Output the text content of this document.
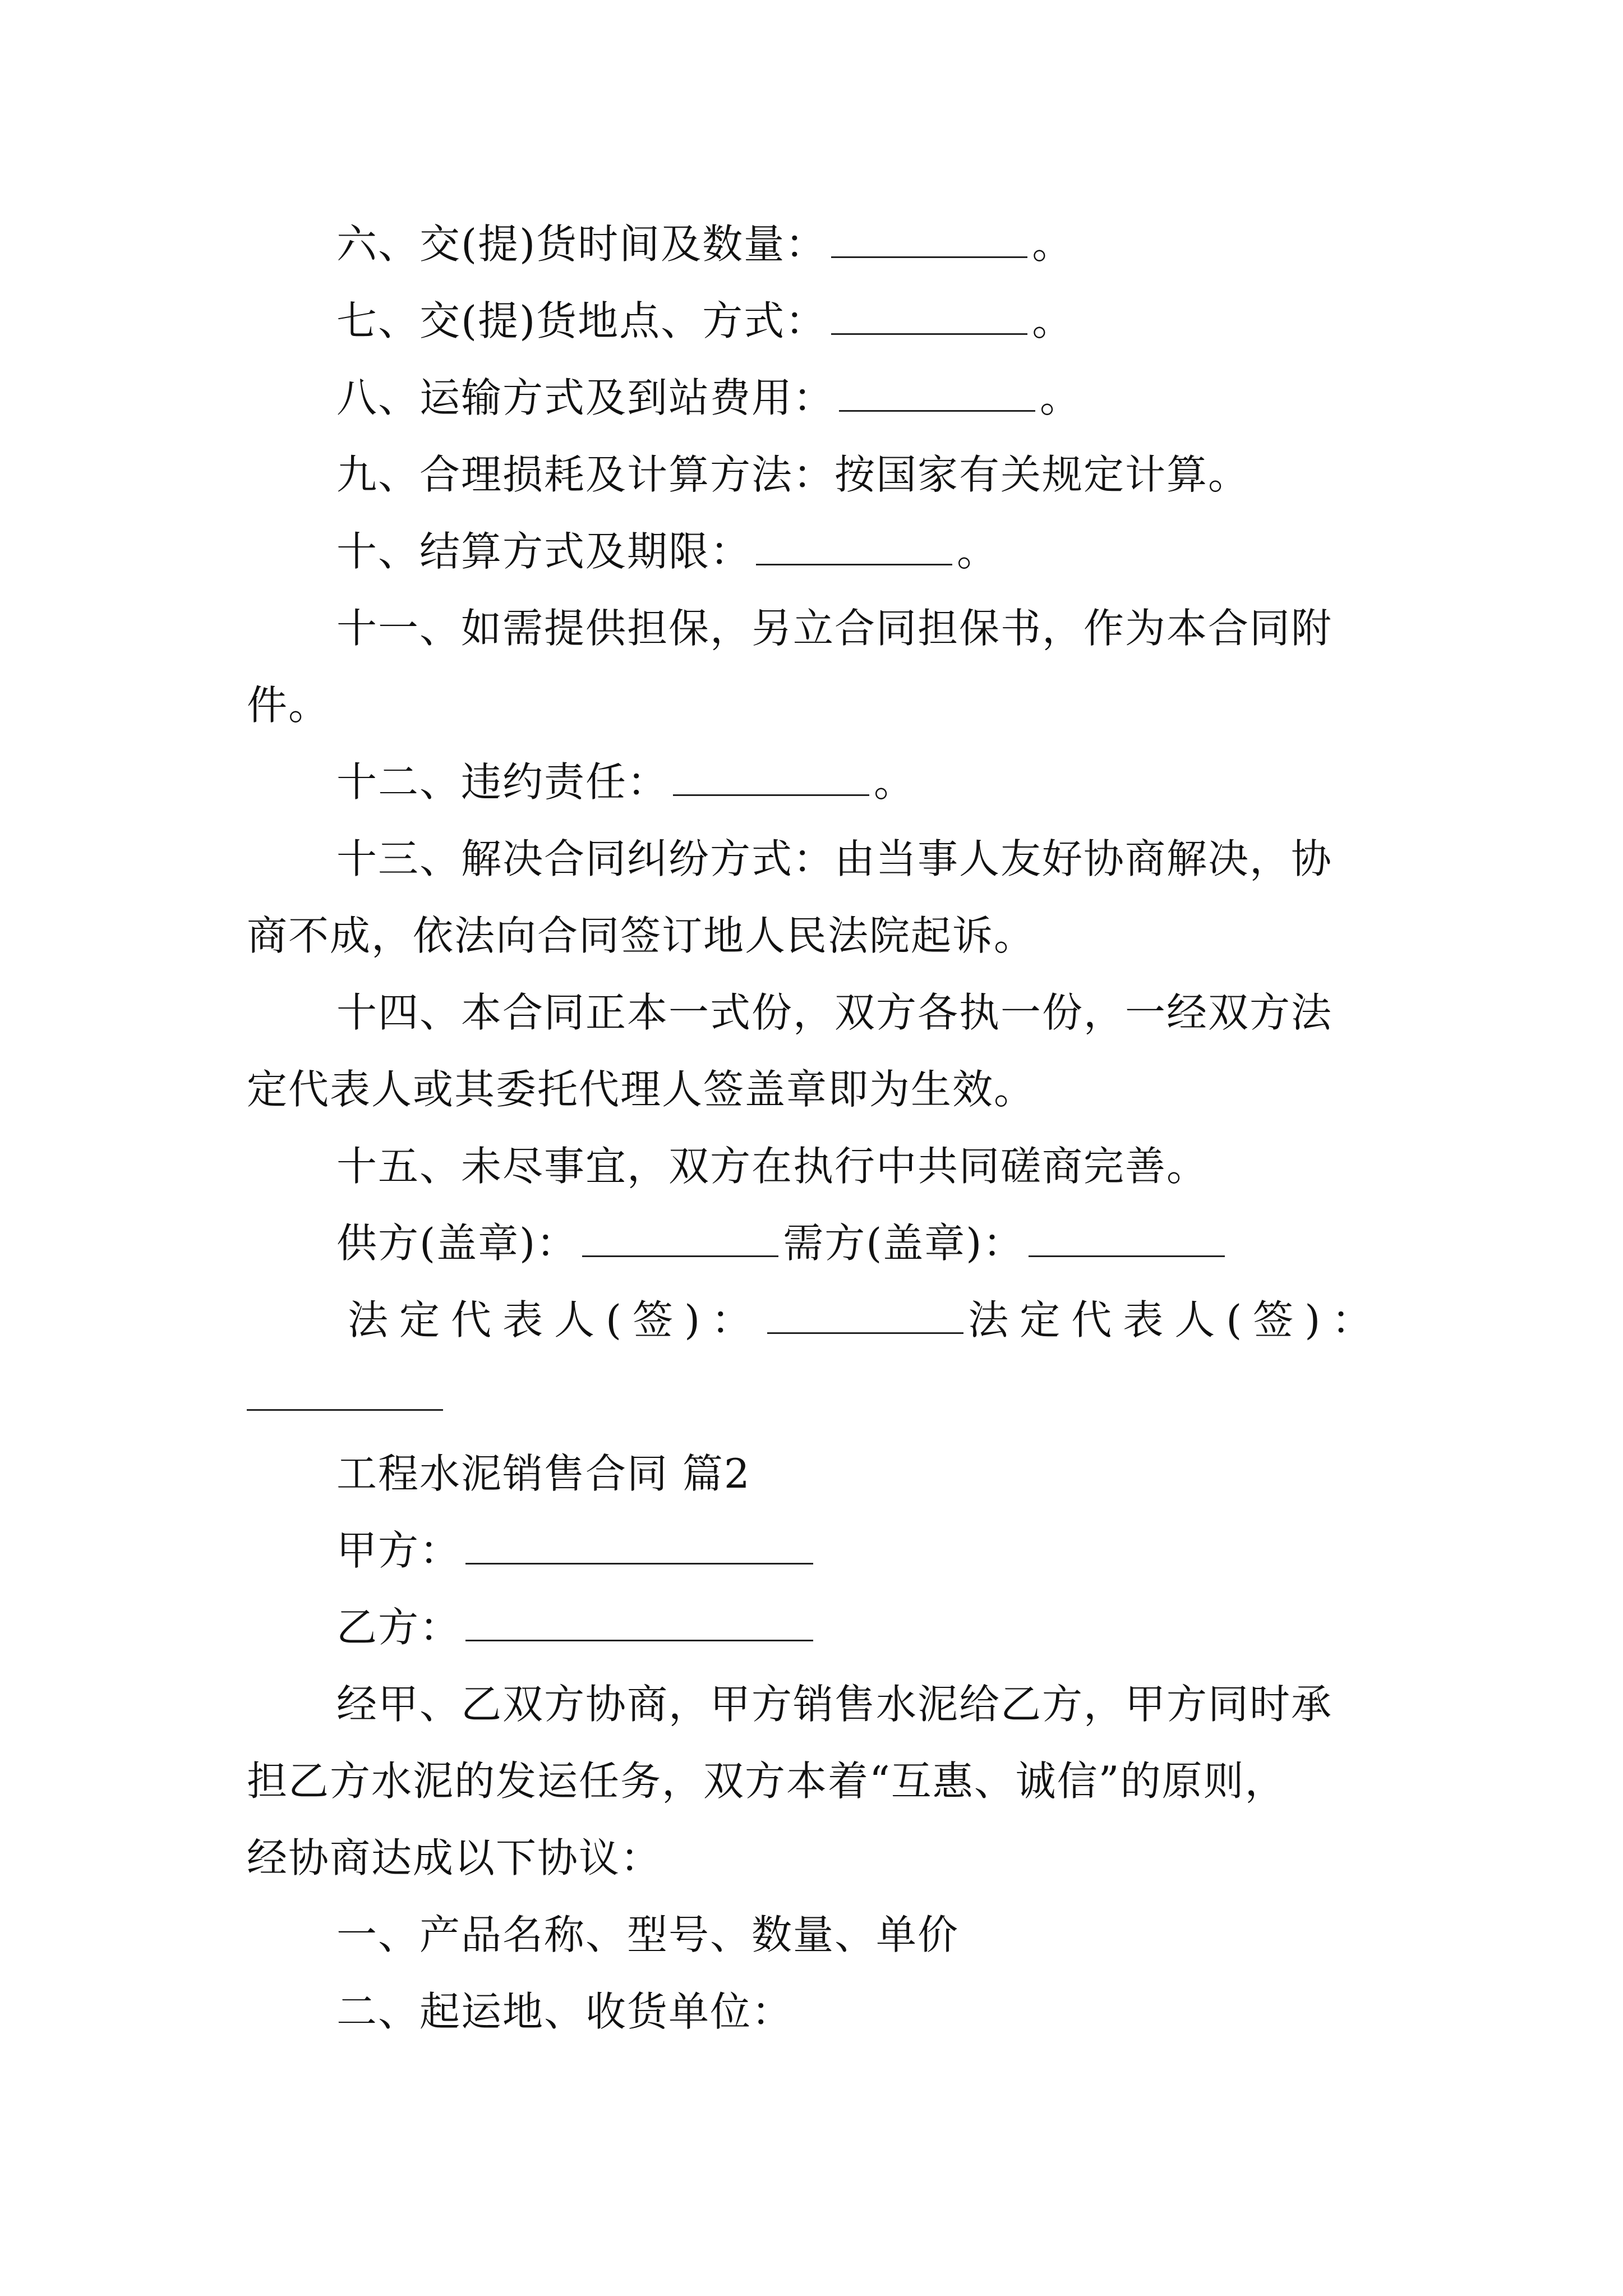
六、交(提)货时间及数量：	。
七、交(提)货地点、方式：	。
八、运输方式及到站费用：	。
九、合理损耗及计算方法：按国家有关规定计算。
十、结算方式及期限：	。
十一、如需提供担保，另立合同担保书，作为本合同附
件。
十二、违约责任：	。
十三、解决合同纠纷方式：由当事人友好协商解决，协
商不成，依法向合同签订地人民法院起诉。
十四、本合同正本一式份，双方各执一份，一经双方法
定代表人或其委托代理人签盖章即为生效。
十五、未尽事宜，双方在执行中共同磋商完善。
供方(盖章)：	需方(盖章)：
法定代表人(签)：	法定代表人(签)：
工程水泥销售合同 篇2
甲方：
乙方：
经甲、乙双方协商，甲方销售水泥给乙方，甲方同时承
担乙方水泥的发运任务，双方本着“互惠、诚信”的原则，
经协商达成以下协议：
一、产品名称、型号、数量、单价
二、起运地、收货单位：
